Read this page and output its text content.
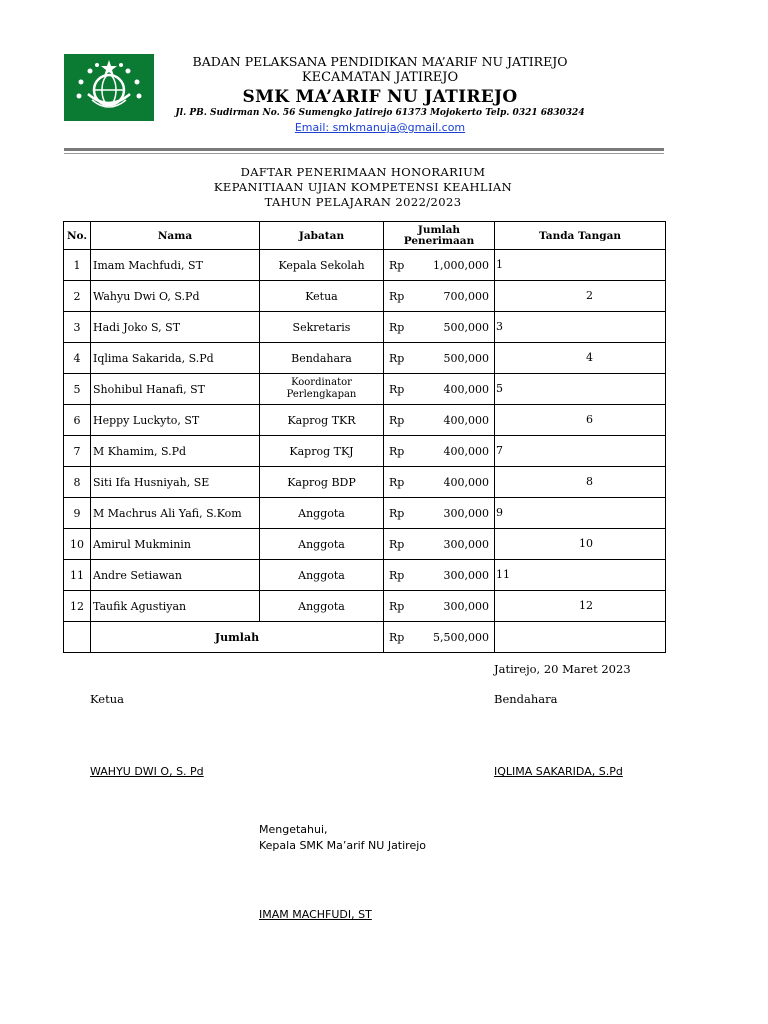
BADAN PELAKSANA PENDIDIKAN MA’ARIF NU JATIREJO
KECAMATAN JATIREJO
SMK MA’ARIF NU JATIREJO
Jl. PB. Sudirman No. 56 Sumengko Jatirejo 61373 Mojokerto Telp. 0321 6830324
Email: smkmanuja@gmail.com
DAFTAR PENERIMAAN HONORARIUM
KEPANITIAAN UJIAN KOMPETENSI KEAHLIAN
TAHUN PELAJARAN 2022/2023
No.	Nama	Jabatan	Jumlah
Penerimaan		Tanda Tangan
1	Imam Machfudi, ST	Kepala Sekolah	Rp	1,000,000	1

2	Wahyu Dwi O, S.Pd	Ketua	Rp	700,000	2

3	Hadi Joko S, ST	Sekretaris	Rp	500,000	3

4	Iqlima Sakarida, S.Pd	Bendahara	Rp	500,000	4

5	Shohibul Hanafi, ST	Koordinator
Perlengkapan	Rp	400,000	5

6	Heppy Luckyto, ST	Kaprog TKR	Rp	400,000	6

7	M Khamim, S.Pd	Kaprog TKJ	Rp	400,000	7

8	Siti Ifa Husniyah, SE	Kaprog BDP	Rp	400,000	8

9	M Machrus Ali Yafi, S.Kom	Anggota	Rp	300,000	9

10	Amirul Mukminin	Anggota	Rp	300,000	10

11	Andre Setiawan	Anggota	Rp	300,000	11

12	Taufik Agustiyan	Anggota	Rp	300,000	12

	Jumlah		Rp	5,500,000	
Jatirejo, 20 Maret 2023
Ketua	Bendahara
WAHYU DWI O, S. Pd	IQLIMA SAKARIDA, S.Pd
Mengetahui,
Kepala SMK Ma’arif NU Jatirejo
IMAM MACHFUDI, ST
